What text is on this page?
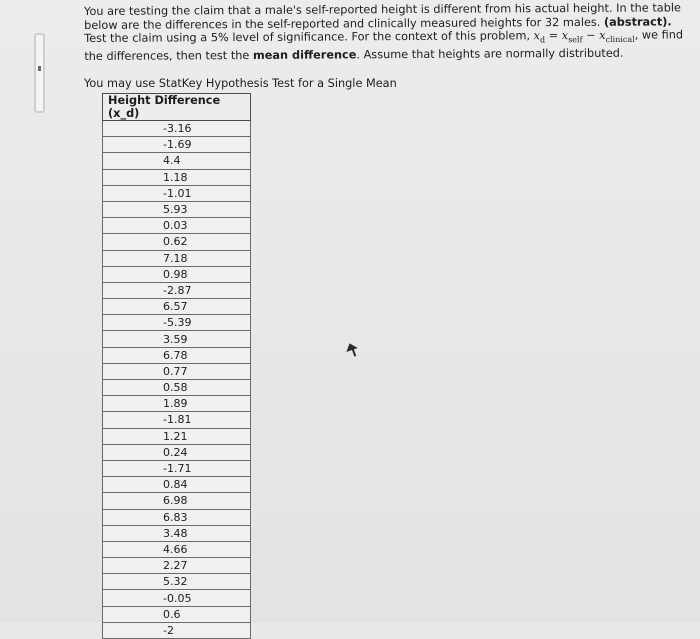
You are testing the claim that a male's self-reported height is different from his actual height. In the table below are the differences in the self-reported and clinically measured heights for 32 males. (abstract). Test the claim using a 5% level of significance. For the context of this problem, $x_d = x_{self} - x_{clinical}$, we find the differences, then test the mean difference. Assume that heights are normally distributed.
You may use StatKey Hypothesis Test for a Single Mean
Height Difference (x_d)
-3.16
-1.69
4.4
1.18
-1.01
5.93
0.03
0.62
7.18
0.98
-2.87
6.57
-5.39
3.59
6.78
0.77
0.58
1.89
-1.81
1.21
0.24
-1.71
0.84
6.98
6.83
3.48
4.66
2.27
5.32
-0.05
0.6
-2
